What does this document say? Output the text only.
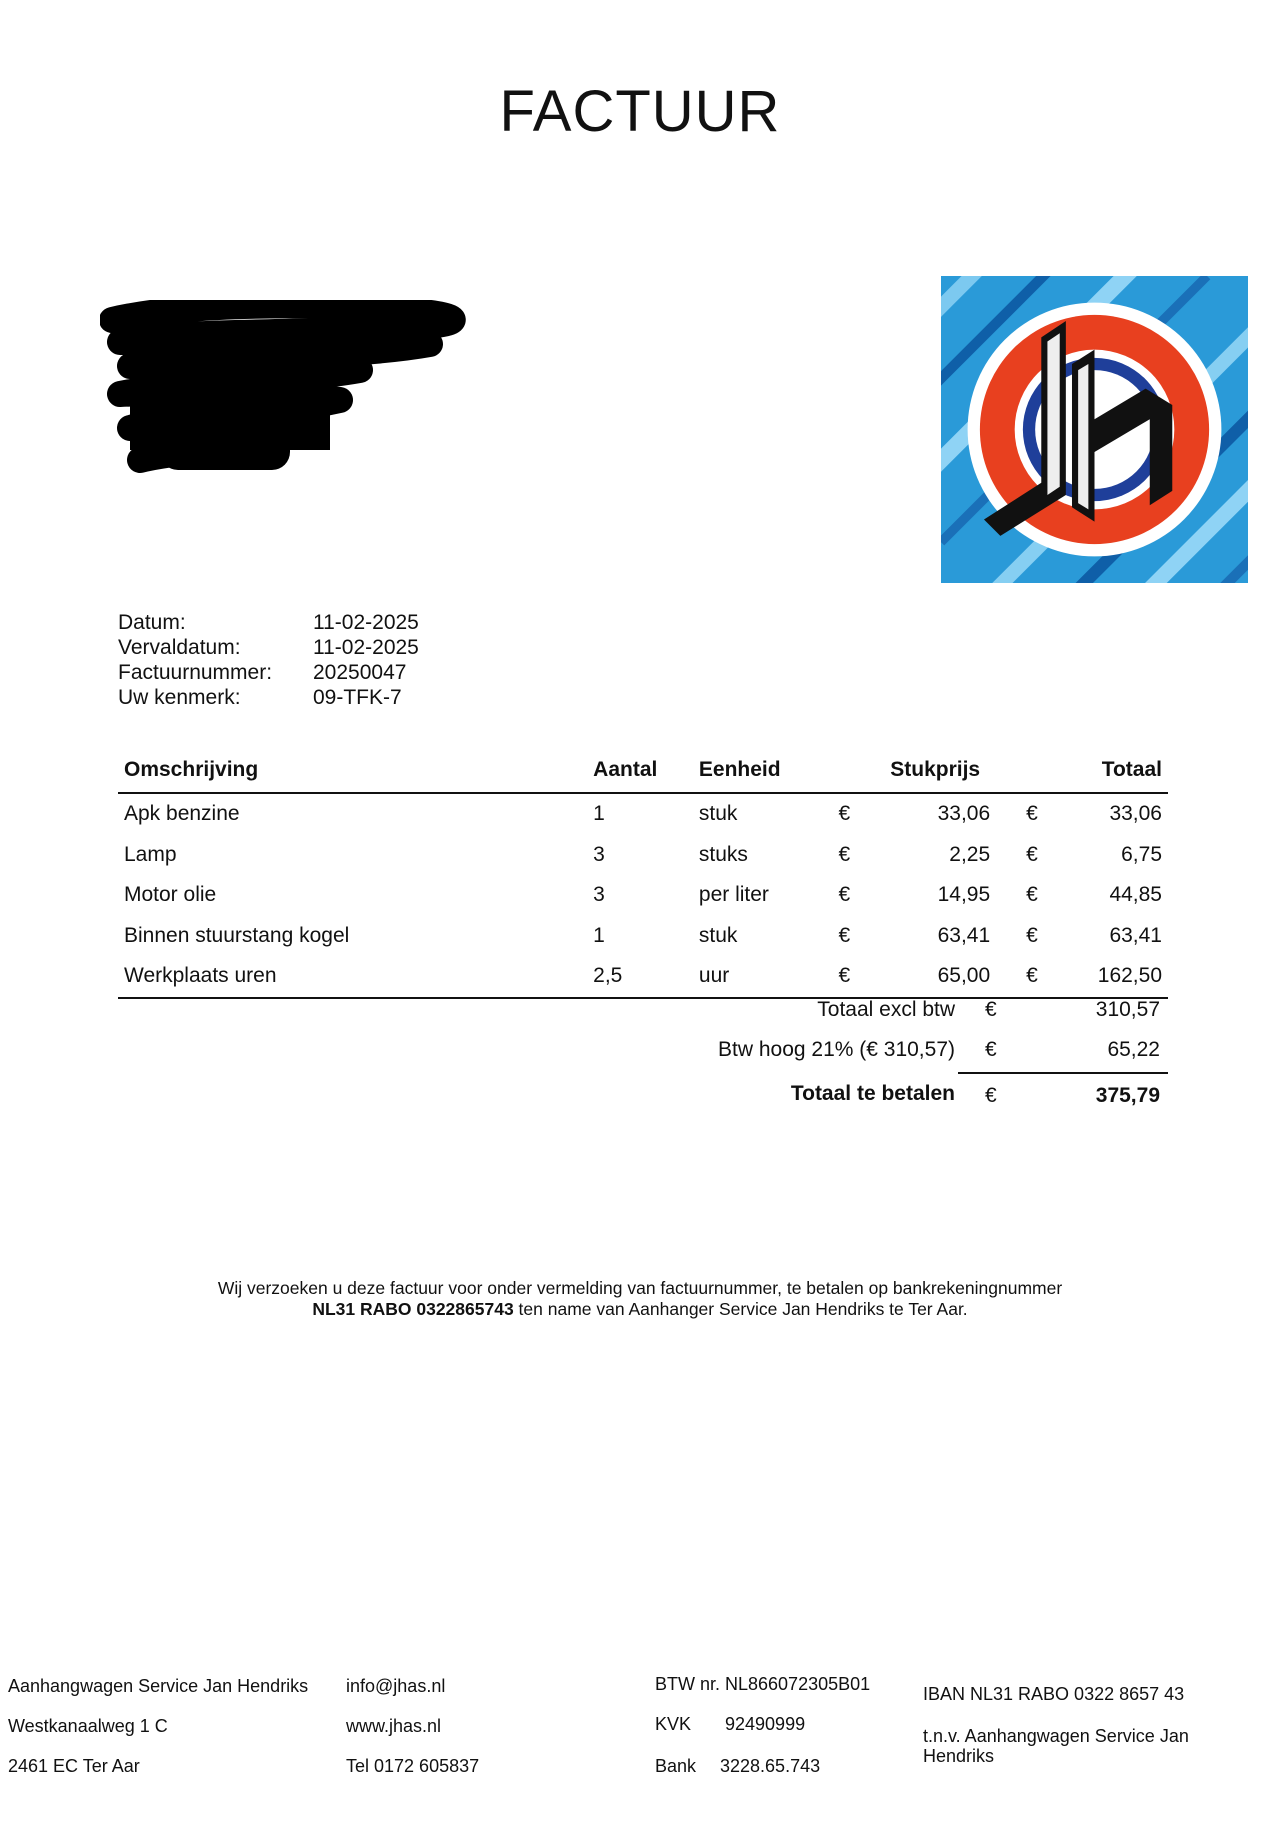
FACTUUR
Datum:	11-02-2025
Vervaldatum:	11-02-2025
Factuurnummer:	20250047
Uw kenmerk:	09-TFK-7
Omschrijving	Aantal	Eenheid		Stukprijs		Totaal
Apk benzine	1	stuk	€	33,06	€	33,06
Lamp	3	stuks	€	2,25	€	6,75
Motor olie	3	per liter	€	14,95	€	44,85
Binnen stuurstang kogel	1	stuk	€	63,41	€	63,41
Werkplaats uren	2,5	uur	€	65,00	€	162,50
Totaal excl btw €	310,57
Btw hoog 21% (€ 310,57) €	65,22
Totaal te betalen €	375,79
Wij verzoeken u deze factuur voor onder vermelding van factuurnummer, te betalen op bankrekeningnummer
NL31 RABO 0322865743 ten name van Aanhanger Service Jan Hendriks te Ter Aar.
Aanhangwagen Service Jan Hendriks
Westkanaalweg 1 C
2461 EC Ter Aar
info@jhas.nl
www.jhas.nl
Tel 0172 605837
BTW nr. NL866072305B01
KVK 92490999
Bank 3228.65.743
IBAN NL31 RABO 0322 8657 43
t.n.v. Aanhangwagen Service Jan Hendriks
